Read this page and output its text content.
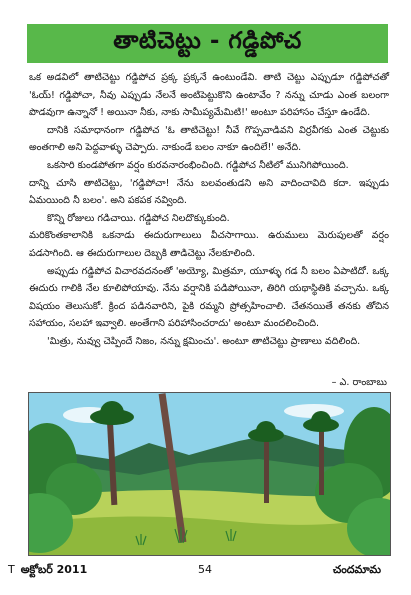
తాటిచెట్టు - గడ్డిపోచ

ఒక అడవిలో తాటిచెట్టు గడ్డిపోచ ప్రక్క ప్రక్కనే ఉంటుండేవి. తాటి చెట్టు ఎప్పుడూ గడ్డిపోచతో 'ఓయ్! గడ్డిపోచా, నీవు ఎప్పుడు నేలనే అంటిపెట్టుకొని ఉంటావేం ? నన్ను చూడు ఎంత బలంగా పొడవుగా ఉన్నానో ! అయినా నీకు, నాకు సామీప్యమేమిటి!' అంటూ పరిహాసం చేస్తూ ఉండేది.

దానికి సమాధానంగా గడ్డిపోచ 'ఓ తాటిచెట్టు! నీవే గొప్పవాడివని విర్రవీగకు ఎంత చెట్టుకు అంతగాలి అని పెద్దవాళ్ళు చెప్పారు. నాకుండే బలం నాకూ ఉందిలే!' అనేది.

ఒకసారి కుండపోతగా వర్షం కురవనారంభించింది. గడ్డిపోచ నీటిలో మునిగిపోయింది.

దాన్ని చూసి తాటిచెట్టు, 'గడ్డిపోచా! నేను బలవంతుడని అని వాదించావిది కదా. ఇప్పుడు ఏమయింది నీ బలం'. అని పకపక నవ్వింది.

కొన్ని రోజులు గడిచాయి. గడ్డిపోచ నిలదొక్కుకుంది.

మరికొంతకాలానికి ఒకనాడు ఈదురుగాలులు వీచసాగాయి. ఉరుములు మెరుపులతో వర్షం పడసాగింది. ఆ ఈదురుగాలుల దెబ్బకి తాడిచెట్టు నేలకూలింది.

అప్పుడు గడ్డిపోచ విచారవదనంతో 'అయ్యో, మిత్రమా, యూళ్ళు గడ నీ బలం ఏపాటిదో. ఒక్క ఈదురు గాలికి నేల కూలిపోయావు. నేను వర్షానికి పడిపోయినా, తిరిగి యథాస్థితికి వచ్చాను. ఒక్క విషయం తెలుసుకో. క్రింద పడినవారిని, పైకి రమ్మని ప్రోత్సహించాలి. చేతనయితే తనకు తోచిన సహాయం, సలహా ఇవ్వాలి. అంతేగాని పరిహాసించరాదు' అంటూ మందలించింది.

'మిత్రు, నువ్వు చెప్పిందే నిజం, నన్ను క్షమించు'. అంటూ తాటిచెట్టు ప్రాణాలు వదిలింది.

– ఎ. రాంబాబు
T అక్టోబర్ 2011	54	చందమామ
